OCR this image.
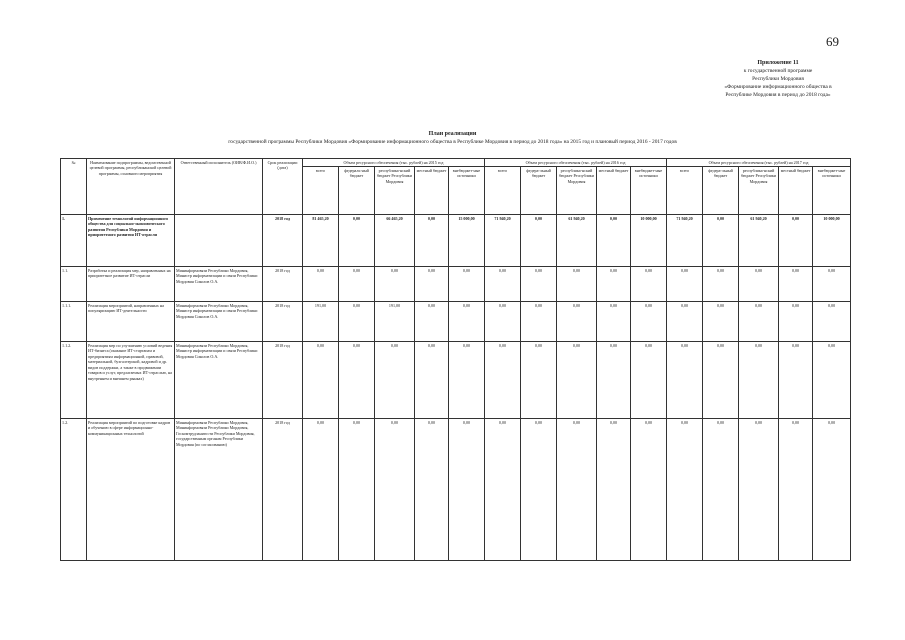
69
Приложение 11
к государственной программе
Республики Мордовия
«Формирование информационного общества в
Республике Мордовия в период до 2018 года»
План реализации
государственной программы Республики Мордовия «Формирование информационного общества в Республике Мордовия в период до 2018 года» на 2015 год и плановый период 2016 - 2017 годов
№	Наименование подпрограммы, ведомственной целевой программы, республиканской целевой программы, основного мероприятия	Ответственный исполнитель (ОИВ/Ф.И.О.)	Срок реализации (дата)	Объем ресурсного обеспечения (тыс. рублей) на 2015 год					Объем ресурсного обеспечения (тыс. рублей) на 2016 год					Объем ресурсного обеспечения (тыс. рублей) на 2017 год				
				всего	федераль-ный бюджет	республика-нский бюджет Республики Мордовия	местный бюджет	внебюджет-ные источники	всего	федера-льный бюджет	республика-нский бюджет Республики Мордовия	местный бюджет	внебюджет-ные источники	всего	федера-льный бюджет	республика-нский бюджет Республики Мордовия	местный бюджет	внебюджет-ные источники
1.	Применение технологий информационного общества для социально-экономического развития Республики Мордовия и приоритетного развития ИТ-отрасли		2018 год	81 465,20	0,00	66 465,20	0,00	15 000,00	71 940,20	0,00	61 940,20	0,00	10 000,00	71 940,20	0,00	61 940,20	0,00	10 000,00
1.1.	Разработка и реализация мер, направленных на приоритетное развитие ИТ-отрасли	Мининформсвязи Республики Мордовия, Министр информатизации и связи Республики Мордовия Соколов О.А.	2018 год	0,00	0,00	0,00	0,00	0,00	0,00	0,00	0,00	0,00	0,00	0,00	0,00	0,00	0,00	0,00
1.1.1.	Реализация мероприятий, направленных на популяризацию ИТ-деятельности	Мининформсвязи Республики Мордовия, Министр информатизации и связи Республики Мордовия Соколов О.А.	2018 год	191,00	0,00	191,00	0,00	0,00	0,00	0,00	0,00	0,00	0,00	0,00	0,00	0,00	0,00	0,00
1.1.2.	Реализация мер по улучшению условий ведения ИТ-бизнеса (оказание ИТ-стартапам и предприятиям информационной, правовой, материальной, бухгалтерской, кадровой и др. видов поддержки, а также в продвижении товаров и услуг, предлагаемых ИТ-отраслью, на внутреннем и внешнем рынках)	Мининформсвязи Республики Мордовия, Министр информатизации и связи Республики Мордовия Соколов О.А.	2018 год	0,00	0,00	0,00	0,00	0,00	0,00	0,00	0,00	0,00	0,00	0,00	0,00	0,00	0,00	0,00
1.2.	Реализация мероприятий по подготовке кадров и обучению в сфере информационно-коммуникационных технологий	Мининформсвязи Республики Мордовия, Мининформсвязи Республики Мордовия, Госкомтрудзанятости Республики Мордовия, государственным органам Республики Мордовия (по согласованию)	2018 год	0,00	0,00	0,00	0,00	0,00	0,00	0,00	0,00	0,00	0,00	0,00	0,00	0,00	0,00	0,00
